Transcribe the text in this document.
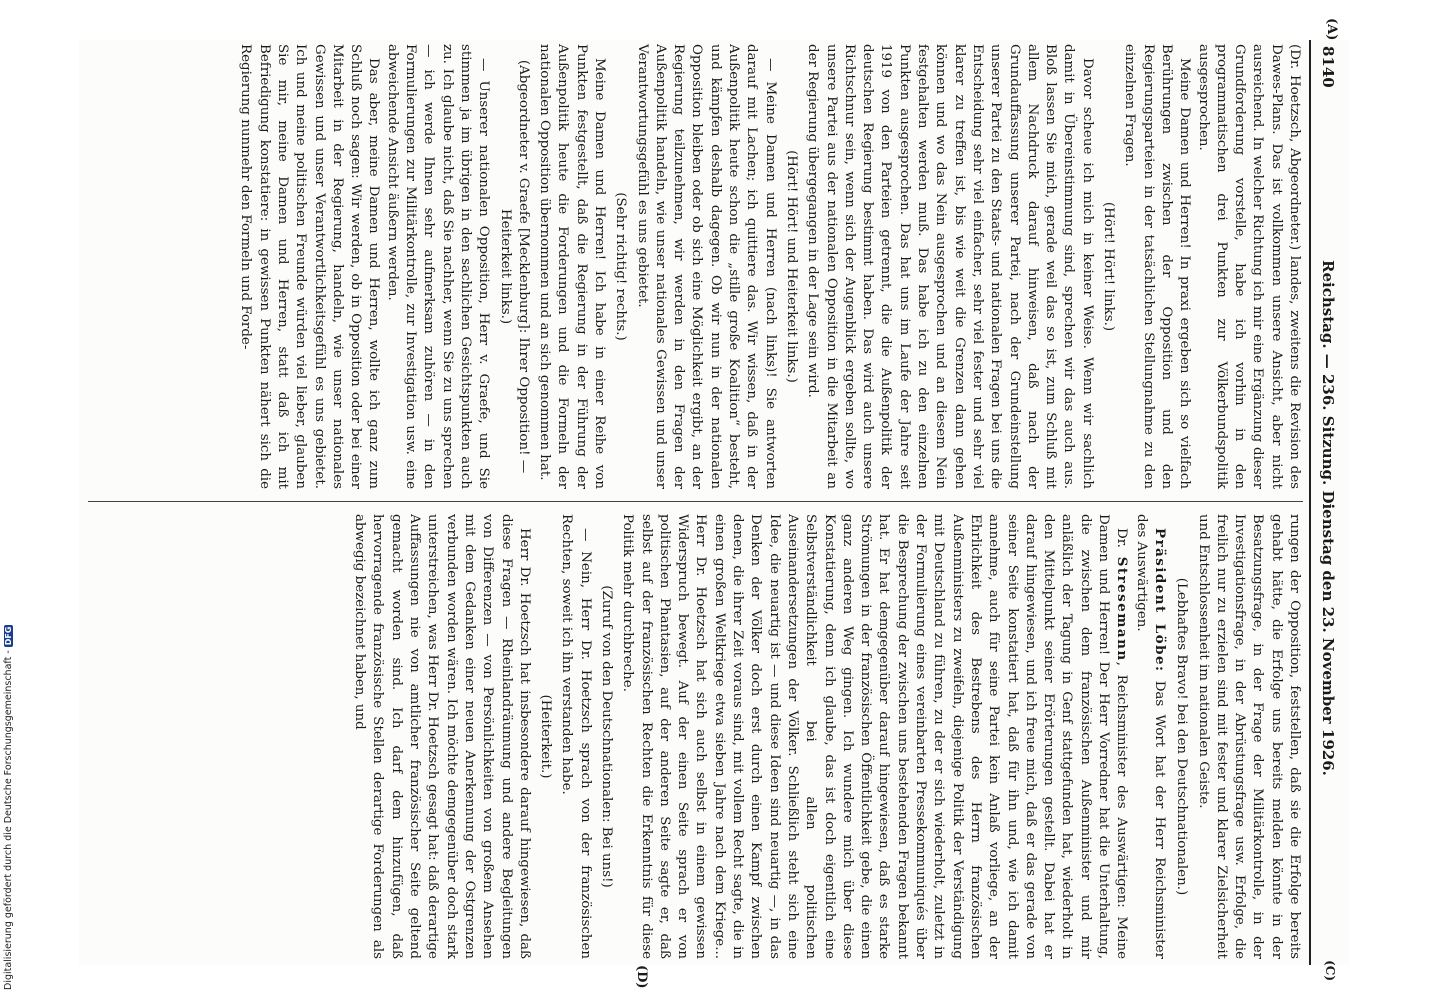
8140
Reichstag. — 236. Sitzung. Dienstag den 23. November 1926.
(C)

(Dr. Hoetzsch, Abgeordneter.) landes, zweitens die Revision des Dawes-Plans. Das ist vollkommen unsere Ansicht, aber nicht ausreichend. In welcher Richtung ich mir eine Ergänzung dieser Grundforderung vorstelle, habe ich vorhin in den programmatischen drei Punkten zur Völkerbundspolitik ausgesprochen.

Meine Damen und Herren! In praxi ergeben sich so vielfach Berührungen zwischen der Opposition und den Regierungsparteien in der tatsächlichen Stellungnahme zu den einzelnen Fragen.

(Hört! Hört! links.)

Davor scheue ich mich in keiner Weise. Wenn wir sachlich damit in Übereinstimmung sind, sprechen wir das auch aus. Bloß lassen Sie mich, gerade weil das so ist, zum Schluß mit allem Nachdruck darauf hinweisen, daß nach der Grundauffassung unserer Partei, nach der Grundeinstellung unserer Partei zu den Staats- und nationalen Fragen bei uns die Entscheidung sehr viel einfacher, sehr viel fester und sehr viel klarer zu treffen ist, bis wie weit die Grenzen dann gehen können und wo das Nein ausgesprochen und an diesem Nein festgehalten werden muß. Das habe ich zu den einzelnen Punkten ausgesprochen. Das hat uns im Laufe der Jahre seit 1919 von den Parteien getrennt, die die Außenpolitik der deutschen Regierung bestimmt haben. Das wird auch unsere Richtschnur sein, wenn sich der Augenblick ergeben sollte, wo unsere Partei aus der nationalen Opposition in die Mitarbeit an der Regierung übergegangen in der Lage sein wird.

(Hört! Hört! und Heiterkeit links.)

— Meine Damen und Herren (nach links)! Sie antworten darauf mit Lachen; ich quittiere das. Wir wissen, daß in der Außenpolitik heute schon die „stille große Koalition“ besteht, und kämpfen deshalb dagegen. Ob wir nun in der nationalen Opposition bleiben oder ob sich eine Möglichkeit ergibt, an der Regierung teilzunehmen, wir werden in den Fragen der Außenpolitik handeln, wie unser nationales Gewissen und unser Verantwortungsgefühl es uns gebietet.

(Sehr richtig! rechts.)

Meine Damen und Herren! Ich habe in einer Reihe von Punkten festgestellt, daß die Regierung in der Führung der Außenpolitik heute die Forderungen und die Formeln der nationalen Opposition übernommen und an sich genommen hat.

(Abgeordneter v. Graefe [Mecklenburg]: Ihrer Opposition! — Heiterkeit links.)

— Unserer nationalen Opposition, Herr v. Graefe, und Sie stimmen ja im übrigen in den sachlichen Gesichtspunkten auch zu. Ich glaube nicht, daß Sie nachher, wenn Sie zu uns sprechen — ich werde Ihnen sehr aufmerksam zuhören — in den Formulierungen zur Militärkontrolle, zur Investigation usw. eine abweichende Ansicht äußern werden.

Das aber, meine Damen und Herren, wollte ich ganz zum Schluß noch sagen: Wir werden, ob in Opposition oder bei einer Mitarbeit in der Regierung, handeln, wie unser nationales Gewissen und unser Verantwortlichkeitsgefühl es uns gebietet. Ich und meine politischen Freunde würden viel lieber, glauben Sie mir, meine Damen und Herren, statt daß ich mit Befriedigung konstatiere: in gewissen Punkten nähert sich die Regierung nunmehr den Formeln und Forde-

rungen der Opposition, feststellen, daß sie die Erfolge bereits gehabt hätte, die Erfolge uns bereits melden könnte in der Besatzungsfrage, in der Frage der Militärkontrolle, in der Investigationsfrage, in der Abrüstungsfrage usw. Erfolge, die freilich nur zu erzielen sind mit fester und klarer Zielsicherheit und Entschlossenheit im nationalen Geiste.

(Lebhaftes Bravo! bei den Deutschnationalen.)

Präsident Löbe: Das Wort hat der Herr Reichsminister des Auswärtigen.

Dr. Stresemann, Reichsminister des Auswärtigen: Meine Damen und Herren! Der Herr Vorredner hat die Unterhaltung, die zwischen dem französischen Außenminister und mir anläßlich der Tagung in Genf stattgefunden hat, wiederholt in den Mittelpunkt seiner Erörterungen gestellt. Dabei hat er darauf hingewiesen, und ich freue mich, daß er das gerade von seiner Seite konstatiert hat, daß für ihn und, wie ich damit annehme, auch für seine Partei kein Anlaß vorliege, an der Ehrlichkeit des Bestrebens des Herrn französischen Außenministers zu zweifeln, diejenige Politik der Verständigung mit Deutschland zu führen, zu der er sich wiederholt, zuletzt in der Formulierung eines vereinbarten Pressekommuniqués über die Besprechung der zwischen uns bestehenden Fragen bekannt hat. Er hat demgegenüber darauf hingewiesen, daß es starke Strömungen in der französischen Öffentlichkeit gebe, die einen ganz anderen Weg gingen. Ich wundere mich über diese Konstatierung, denn ich glaube, das ist doch eigentlich eine Selbstverständlichkeit bei allen politischen Auseinandersetzungen der Völker. Schließlich steht sich eine Idee, die neuartig ist — und diese Ideen sind neuartig —, in das Denken der Völker doch erst durch einen Kampf zwischen denen, die ihrer Zeit voraus sind, mit vollem Recht sagte, die in einen großen Weltkriege etwa sieben Jahre nach dem Kriege... Herr Dr. Hoetzsch hat sich auch selbst in einem gewissen Widerspruch bewegt. Auf der einen Seite sprach er von politischen Phantasien, auf der anderen Seite sagte er, daß selbst auf der französischen Rechten die Erkenntnis für diese Politik mehr durchbreche.

(Zuruf von den Deutschnationalen: Bei uns!)

— Nein, Herr Dr. Hoetzsch sprach von der französischen Rechten, soweit ich ihn verstanden habe.

(Heiterkeit.)

Herr Dr. Hoetzsch hat insbesondere darauf hingewiesen, daß diese Fragen — Rheinlandräumung und andere Begleitungen von Differenzen — von Persönlichkeiten von großem Ansehen mit dem Gedanken einer neuen Anerkennung der Ostgrenzen verbunden worden wären. Ich möchte demgegenüber doch stark unterstreichen, was Herr Dr. Hoetzsch gesagt hat: daß derartige Auffassungen nie von amtlicher französischer Seite geltend gemacht worden sind. Ich darf dem hinzufügen, daß hervorragende französische Stellen derartige Forderungen als abwegig bezeichnet haben, und

(A)
(D)
Digitalisierung gefördert durch die Deutsche Forschungsgemeinschaft -DFG
